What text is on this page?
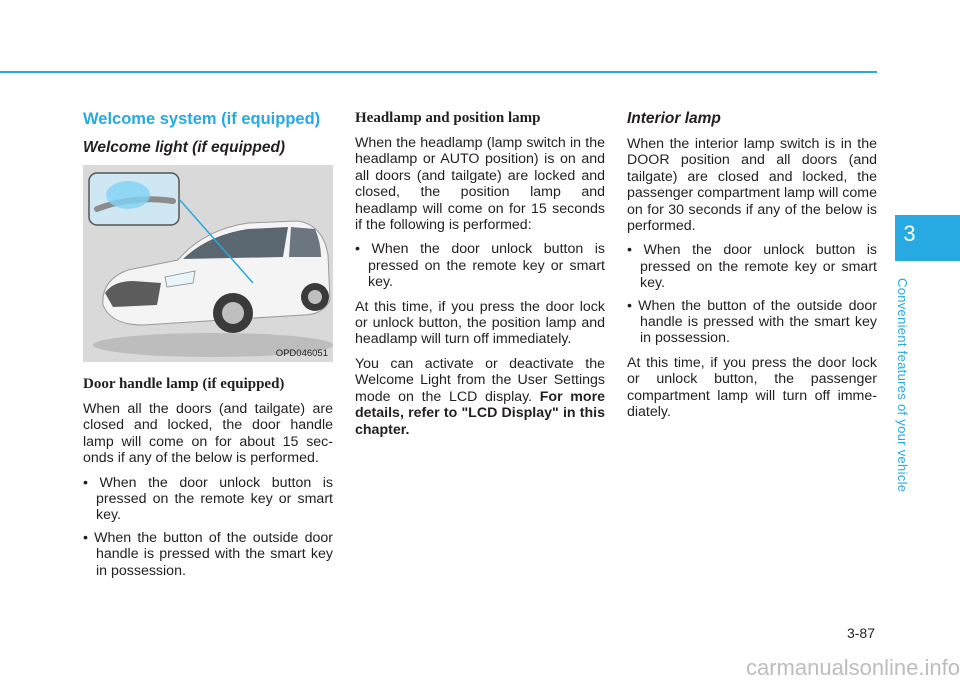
Welcome system (if equipped)
Welcome light (if equipped)
OPD046051
Door handle lamp (if equipped)

When all the doors (and tailgate) are closed and locked, the door handle lamp will come on for about 15 sec-onds if any of the below is performed.

• When the door unlock button is pressed on the remote key or smart key.
• When the button of the outside door handle is pressed with the smart key in possession.
Headlamp and position lamp

When the headlamp (lamp switch in the headlamp or AUTO position) is on and all doors (and tailgate) are locked and closed, the position lamp and headlamp will come on for 15 seconds if the following is performed:

• When the door unlock button is pressed on the remote key or smart key.

At this time, if you press the door lock or unlock button, the position lamp and headlamp will turn off immediately.

You can activate or deactivate the Welcome Light from the User Settings mode on the LCD display. For more details, refer to "LCD Display" in this chapter.

Interior lamp

When the interior lamp switch is in the DOOR position and all doors (and tailgate) are closed and locked, the passenger compartment lamp will come on for 30 seconds if any of the below is performed.

• When the door unlock button is pressed on the remote key or smart key.
• When the button of the outside door handle is pressed with the smart key in possession.

At this time, if you press the door lock or unlock button, the passenger compartment lamp will turn off imme-diately.

3
Convenient features of your vehicle
3-87
carmanualsonline.info
